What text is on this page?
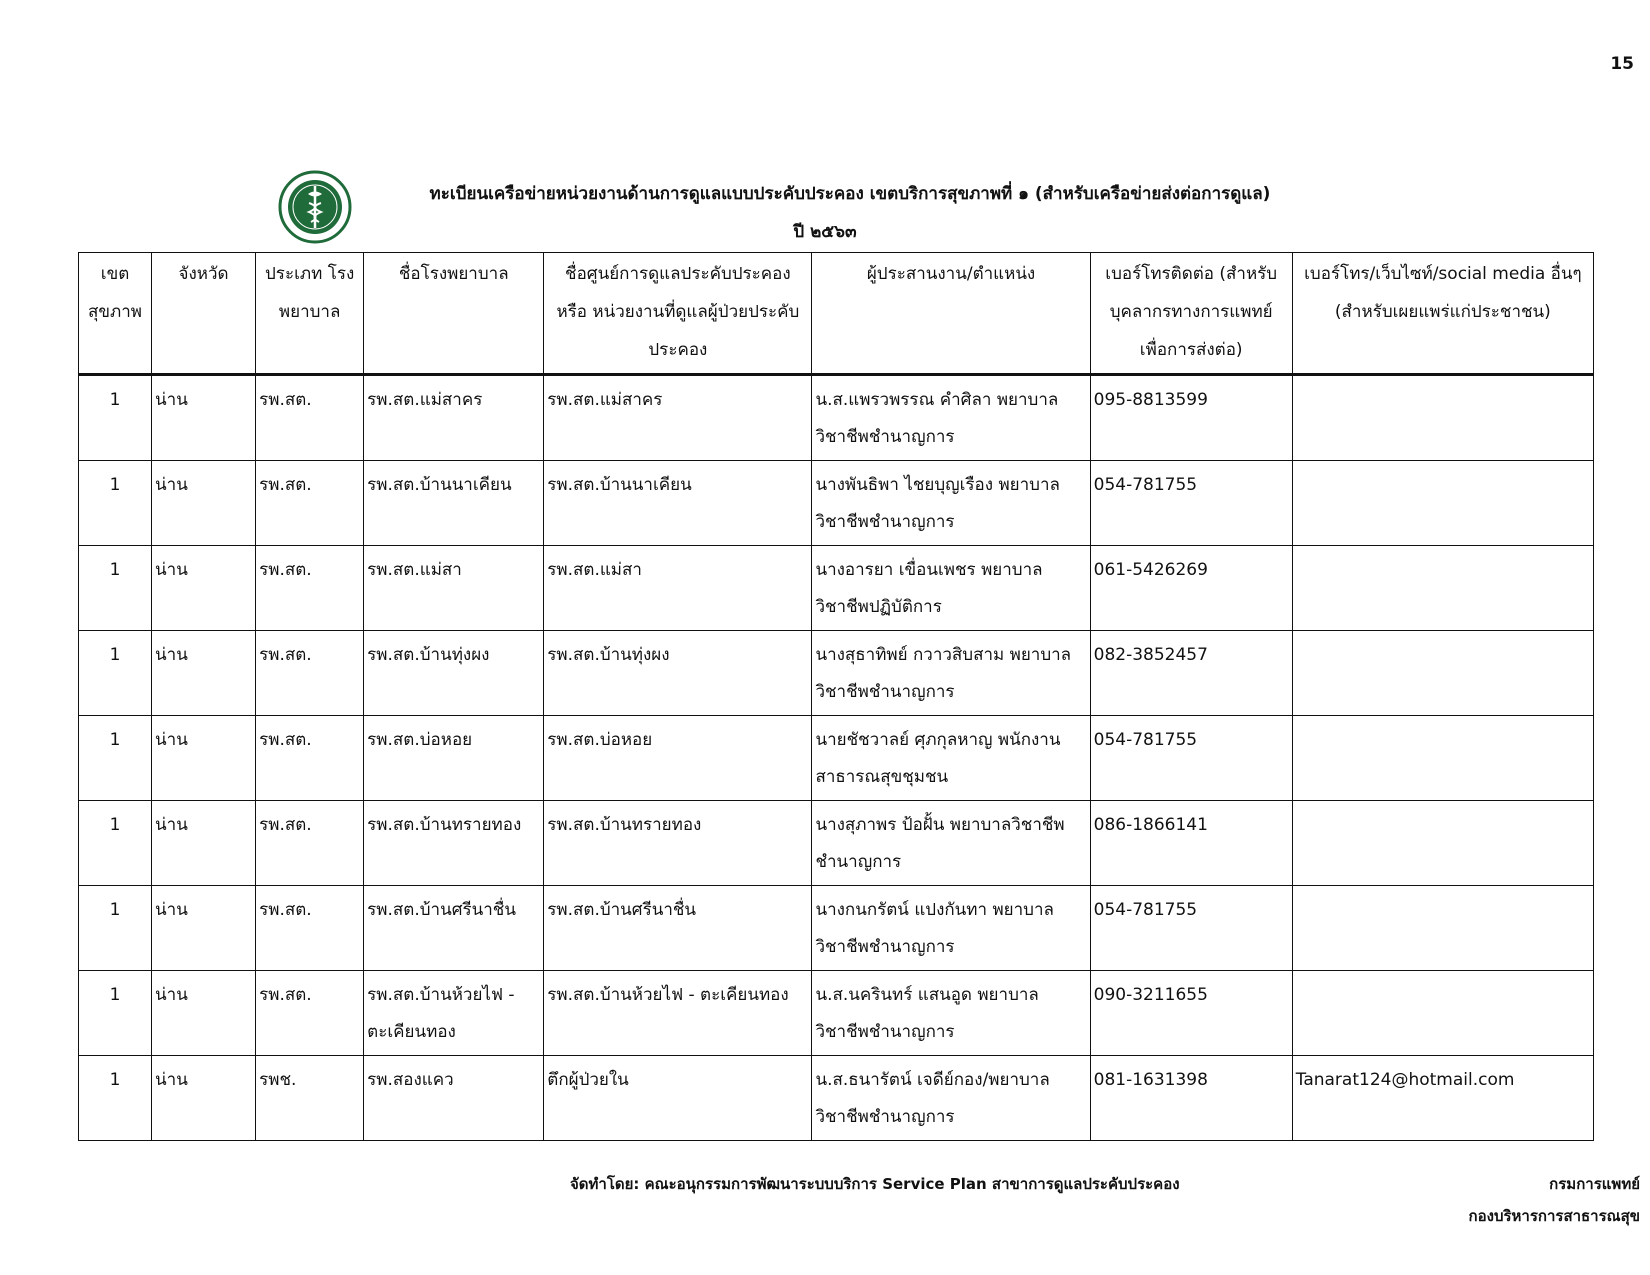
15
ทะเบียนเครือข่ายหน่วยงานด้านการดูแลแบบประคับประคอง เขตบริการสุขภาพที่ ๑ (สำหรับเครือข่ายส่งต่อการดูแล)
ปี ๒๕๖๓
เขต สุขภาพ	จังหวัด	ประเภท โรงพยาบาล	ชื่อโรงพยาบาล	ชื่อศูนย์การดูแลประคับประคอง หรือ หน่วยงานที่ดูแลผู้ป่วยประคับประคอง	ผู้ประสานงาน/ตำแหน่ง	เบอร์โทรติดต่อ (สำหรับบุคลากรทางการแพทย์ เพื่อการส่งต่อ)	เบอร์โทร/เว็บไซท์/social media อื่นๆ (สำหรับเผยแพร่แก่ประชาชน)
1	น่าน	รพ.สต.	รพ.สต.แม่สาคร	รพ.สต.แม่สาคร	น.ส.แพรวพรรณ คำศิลา พยาบาลวิชาชีพชำนาญการ	095-8813599	
1	น่าน	รพ.สต.	รพ.สต.บ้านนาเคียน	รพ.สต.บ้านนาเคียน	นางพันธิพา ไชยบุญเรือง พยาบาลวิชาชีพชำนาญการ	054-781755	
1	น่าน	รพ.สต.	รพ.สต.แม่สา	รพ.สต.แม่สา	นางอารยา เขื่อนเพชร พยาบาลวิชาชีพปฏิบัติการ	061-5426269	
1	น่าน	รพ.สต.	รพ.สต.บ้านทุ่งผง	รพ.สต.บ้านทุ่งผง	นางสุธาทิพย์ กวาวสิบสาม พยาบาลวิชาชีพชำนาญการ	082-3852457	
1	น่าน	รพ.สต.	รพ.สต.บ่อหอย	รพ.สต.บ่อหอย	นายชัชวาลย์ ศุภกุลหาญ พนักงานสาธารณสุขชุมชน	054-781755	
1	น่าน	รพ.สต.	รพ.สต.บ้านทรายทอง	รพ.สต.บ้านทรายทอง	นางสุภาพร ป้อฝั้น พยาบาลวิชาชีพชำนาญการ	086-1866141	
1	น่าน	รพ.สต.	รพ.สต.บ้านศรีนาชื่น	รพ.สต.บ้านศรีนาชื่น	นางกนกรัตน์ แปงกันทา พยาบาลวิชาชีพชำนาญการ	054-781755	
1	น่าน	รพ.สต.	รพ.สต.บ้านห้วยไฟ - ตะเคียนทอง	รพ.สต.บ้านห้วยไฟ - ตะเคียนทอง	น.ส.นครินทร์ แสนอูด พยาบาลวิชาชีพชำนาญการ	090-3211655	
1	น่าน	รพช.	รพ.สองแคว	ตึกผู้ป่วยใน	น.ส.ธนารัตน์ เจดีย์กอง/พยาบาลวิชาชีพชำนาญการ	081-1631398	Tanarat124@hotmail.com
จัดทำโดย: คณะอนุกรรมการพัฒนาระบบบริการ Service Plan สาขาการดูแลประคับประคอง	กรมการแพทย์
กองบริหารการสาธารณสุข
